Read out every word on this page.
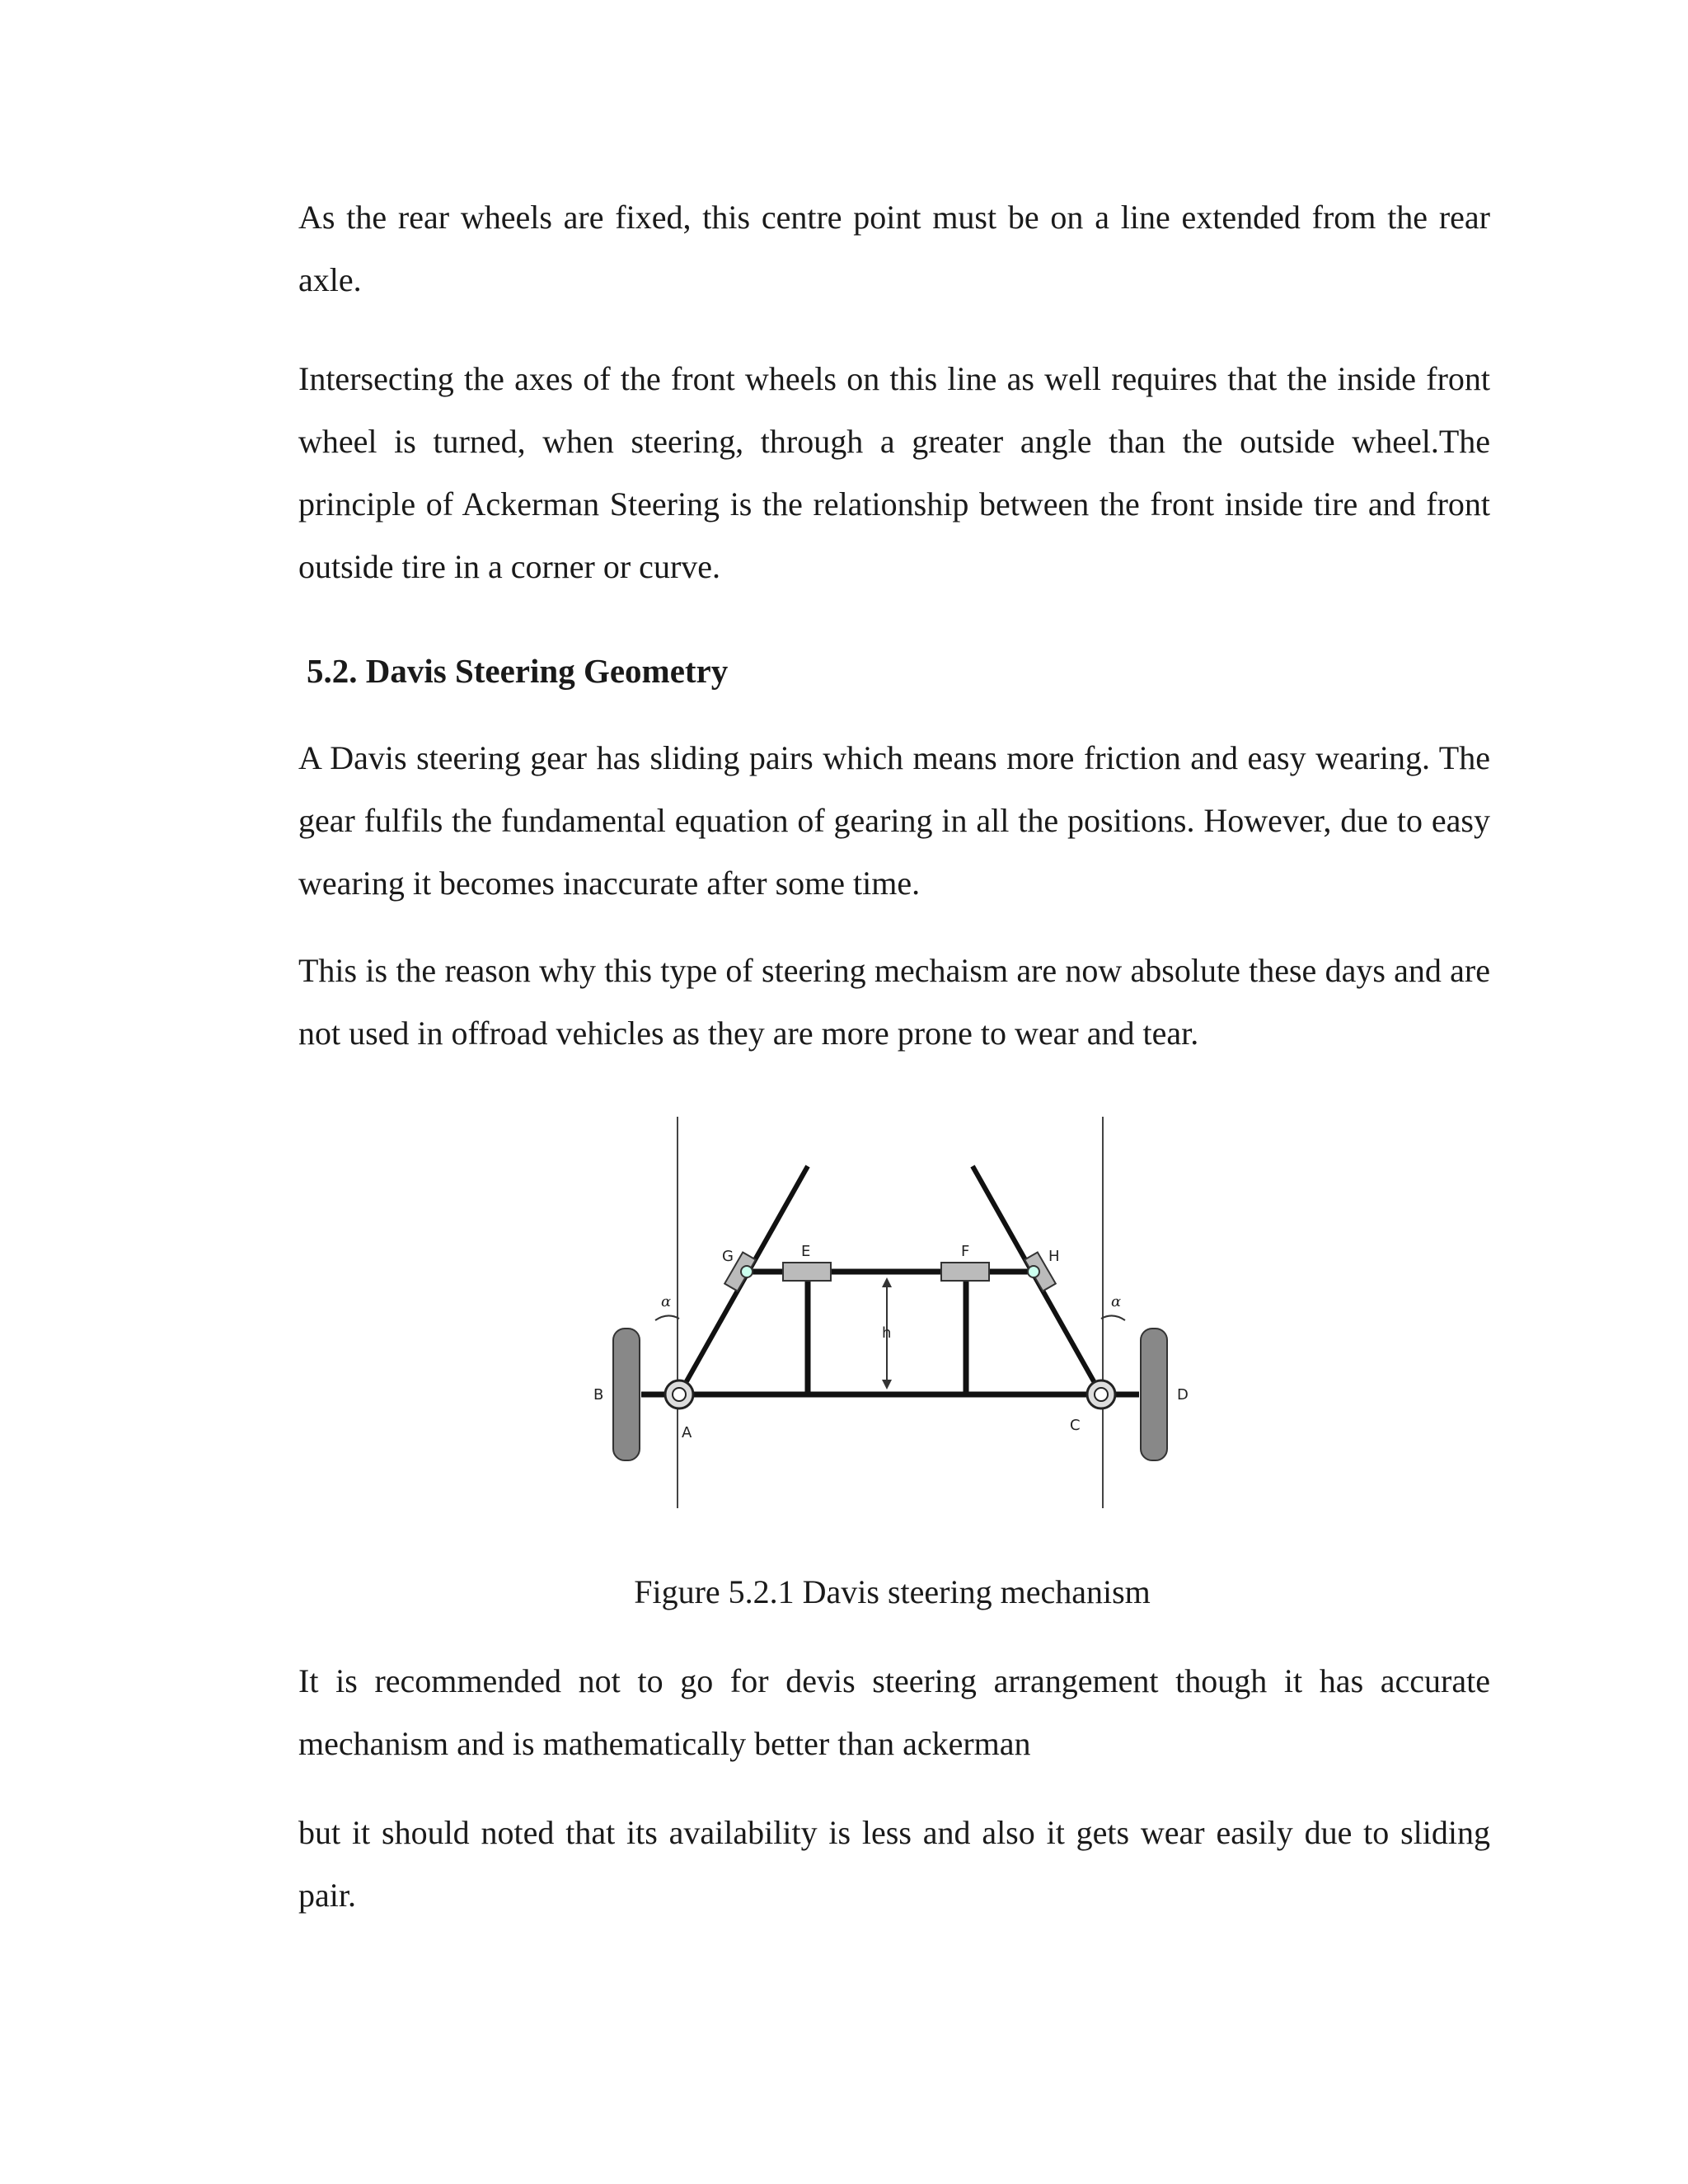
As the rear wheels are fixed, this centre point must be on a line extended from the rear axle.

Intersecting the axes of the front wheels on this line as well requires that the inside front wheel is turned, when steering, through a greater angle than the outside wheel.The principle of Ackerman Steering is the relationship between the front inside tire and front outside tire in a corner or curve.

5.2. Davis Steering Geometry

A Davis steering gear has sliding pairs which means more friction and easy wearing. The gear fulfils the fundamental equation of gearing in all the positions. However, due to easy wearing it becomes inaccurate after some time.

This is the reason why this type of steering mechaism are now absolute these days and are not used in offroad vehicles as they are more prone to wear and tear.

B
A	C
D
E	F
G	H
h
α	α

Figure 5.2.1 Davis steering mechanism

It is recommended not to go for devis steering arrangement though it has accurate mechanism and is mathematically better than ackerman

but it should noted that its availability is less and also it gets wear easily due to sliding pair.
